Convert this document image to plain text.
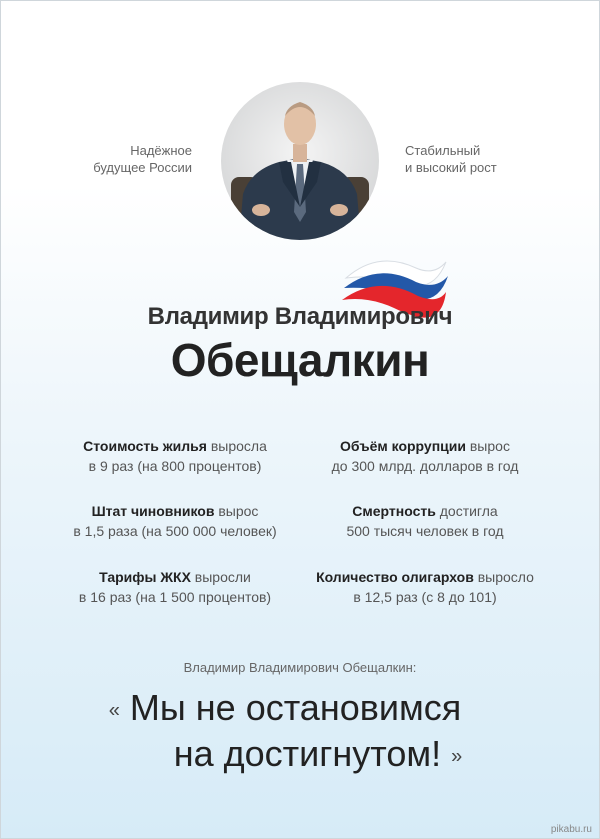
Надёжное
будущее России
Стабильный
и высокий рост
Владимир Владимирович
Обещалкин
Стоимость жилья выросла
в 9 раз (на 800 процентов)
Объём коррупции вырос
до 300 млрд. долларов в год
Штат чиновников вырос
в 1,5 раза (на 500 000 человек)
Смертность достигла
500 тысяч человек в год
Тарифы ЖКХ выросли
в 16 раз (на 1 500 процентов)
Количество олигархов выросло
в 12,5 раз (с 8 до 101)
Владимир Владимирович Обещалкин:
« Мы не остановимся
на достигнутом! »
pikabu.ru
